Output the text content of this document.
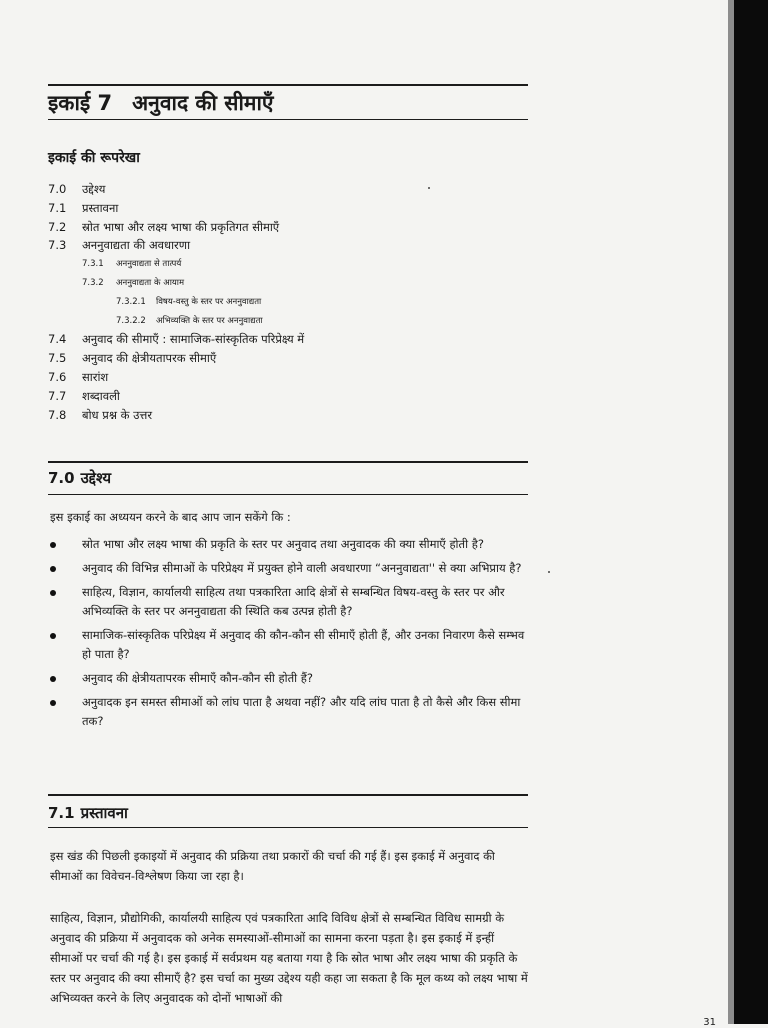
इकाई 7 अनुवाद की सीमाएँ
इकाई की रूपरेखा
7.0 उद्देश्य
7.1 प्रस्तावना
7.2 स्रोत भाषा और लक्ष्य भाषा की प्रकृतिगत सीमाएँ
7.3 अननुवाद्यता की अवधारणा
7.3.1 अननुवाद्यता से तात्पर्य
7.3.2 अननुवाद्यता के आयाम
7.3.2.1 विषय-वस्तु के स्तर पर अननुवाद्यता
7.3.2.2 अभिव्यक्ति के स्तर पर अननुवाद्यता
7.4 अनुवाद की सीमाएँ : सामाजिक-सांस्कृतिक परिप्रेक्ष्य में
7.5 अनुवाद की क्षेत्रीयतापरक सीमाएँ
7.6 सारांश
7.7 शब्दावली
7.8 बोध प्रश्न के उत्तर
7.0 उद्देश्य
इस इकाई का अध्ययन करने के बाद आप जान सकेंगे कि :
स्रोत भाषा और लक्ष्य भाषा की प्रकृति के स्तर पर अनुवाद तथा अनुवादक की क्या सीमाएँ होती है?
अनुवाद की विभिन्न सीमाओं के परिप्रेक्ष्य में प्रयुक्त होने वाली अवधारणा “अननुवाद्यता'' से क्या अभिप्राय है?
साहित्य, विज्ञान, कार्यालयी साहित्य तथा पत्रकारिता आदि क्षेत्रों से सम्बन्धित विषय-वस्तु के स्तर पर और अभिव्यक्ति के स्तर पर अननुवाद्यता की स्थिति कब उत्पन्न होती है?
सामाजिक-सांस्कृतिक परिप्रेक्ष्य में अनुवाद की कौन-कौन सी सीमाएँ होती हैं, और उनका निवारण कैसे सम्भव हो पाता है?
अनुवाद की क्षेत्रीयतापरक सीमाएँ कौन-कौन सी होती हैं?
अनुवादक इन समस्त सीमाओं को लांघ पाता है अथवा नहीं? और यदि लांघ पाता है तो कैसे और किस सीमा तक?
7.1 प्रस्तावना

इस खंड की पिछली इकाइयों में अनुवाद की प्रक्रिया तथा प्रकारों की चर्चा की गई हैं। इस इकाई में अनुवाद की सीमाओं का विवेचन-विश्लेषण किया जा रहा है।

साहित्य, विज्ञान, प्रौद्योगिकी, कार्यालयी साहित्य एवं पत्रकारिता आदि विविध क्षेत्रों से सम्बन्धित विविध सामग्री के अनुवाद की प्रक्रिया में अनुवादक को अनेक समस्याओं-सीमाओं का सामना करना पड़ता है। इस इकाई में इन्हीं सीमाओं पर चर्चा की गई है। इस इकाई में सर्वप्रथम यह बताया गया है कि स्रोत भाषा और लक्ष्य भाषा की प्रकृति के स्तर पर अनुवाद की क्या सीमाएँ है? इस चर्चा का मुख्य उद्देश्य यही कहा जा सकता है कि मूल कथ्य को लक्ष्य भाषा में अभिव्यक्त करने के लिए अनुवादक को दोनों भाषाओं की

31
